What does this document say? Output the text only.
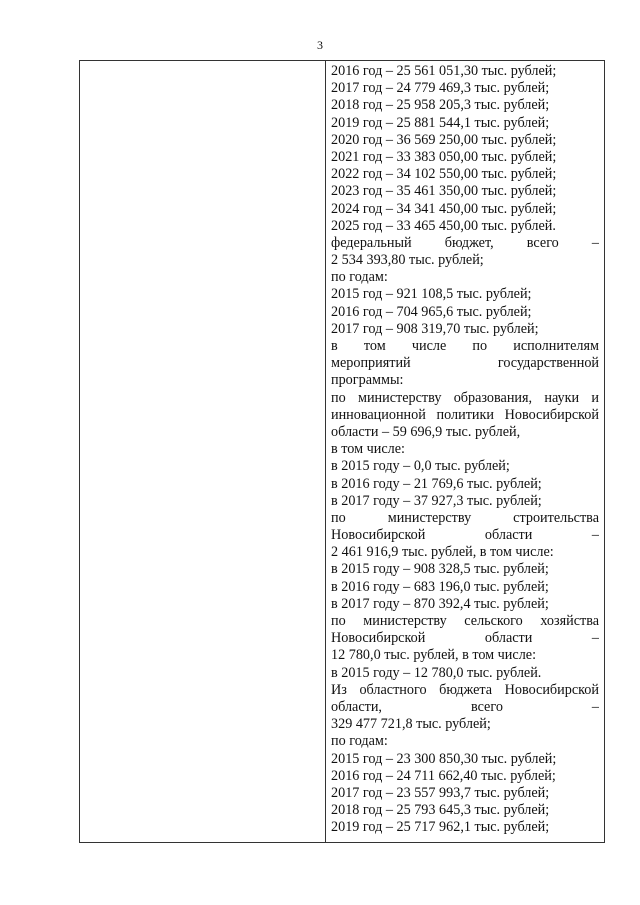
3
2016 год – 25 561 051,30 тыс. рублей;
2017 год – 24 779 469,3 тыс. рублей;
2018 год – 25 958 205,3 тыс. рублей;
2019 год – 25 881 544,1 тыс. рублей;
2020 год – 36 569 250,00 тыс. рублей;
2021 год – 33 383 050,00 тыс. рублей;
2022 год – 34 102 550,00 тыс. рублей;
2023 год – 35 461 350,00 тыс. рублей;
2024 год – 34 341 450,00 тыс. рублей;
2025 год – 33 465 450,00 тыс. рублей.
федеральный бюджет, всего –
2 534 393,80 тыс. рублей;
по годам:
2015 год – 921 108,5 тыс. рублей;
2016 год – 704 965,6 тыс. рублей;
2017 год – 908 319,70 тыс. рублей;
в том числе по исполнителям
мероприятий государственной
программы:
по министерству образования, науки и
инновационной политики Новосибирской
области – 59 696,9 тыс. рублей,
в том числе:
в 2015 году – 0,0 тыс. рублей;
в 2016 году – 21 769,6 тыс. рублей;
в 2017 году – 37 927,3 тыс. рублей;
по министерству строительства
Новосибирской области –
2 461 916,9 тыс. рублей, в том числе:
в 2015 году – 908 328,5 тыс. рублей;
в 2016 году – 683 196,0 тыс. рублей;
в 2017 году – 870 392,4 тыс. рублей;
по министерству сельского хозяйства
Новосибирской области –
12 780,0 тыс. рублей, в том числе:
в 2015 году – 12 780,0 тыс. рублей.
Из областного бюджета Новосибирской
области, всего –
329 477 721,8 тыс. рублей;
по годам:
2015 год – 23 300 850,30 тыс. рублей;
2016 год – 24 711 662,40 тыс. рублей;
2017 год – 23 557 993,7 тыс. рублей;
2018 год – 25 793 645,3 тыс. рублей;
2019 год – 25 717 962,1 тыс. рублей;
